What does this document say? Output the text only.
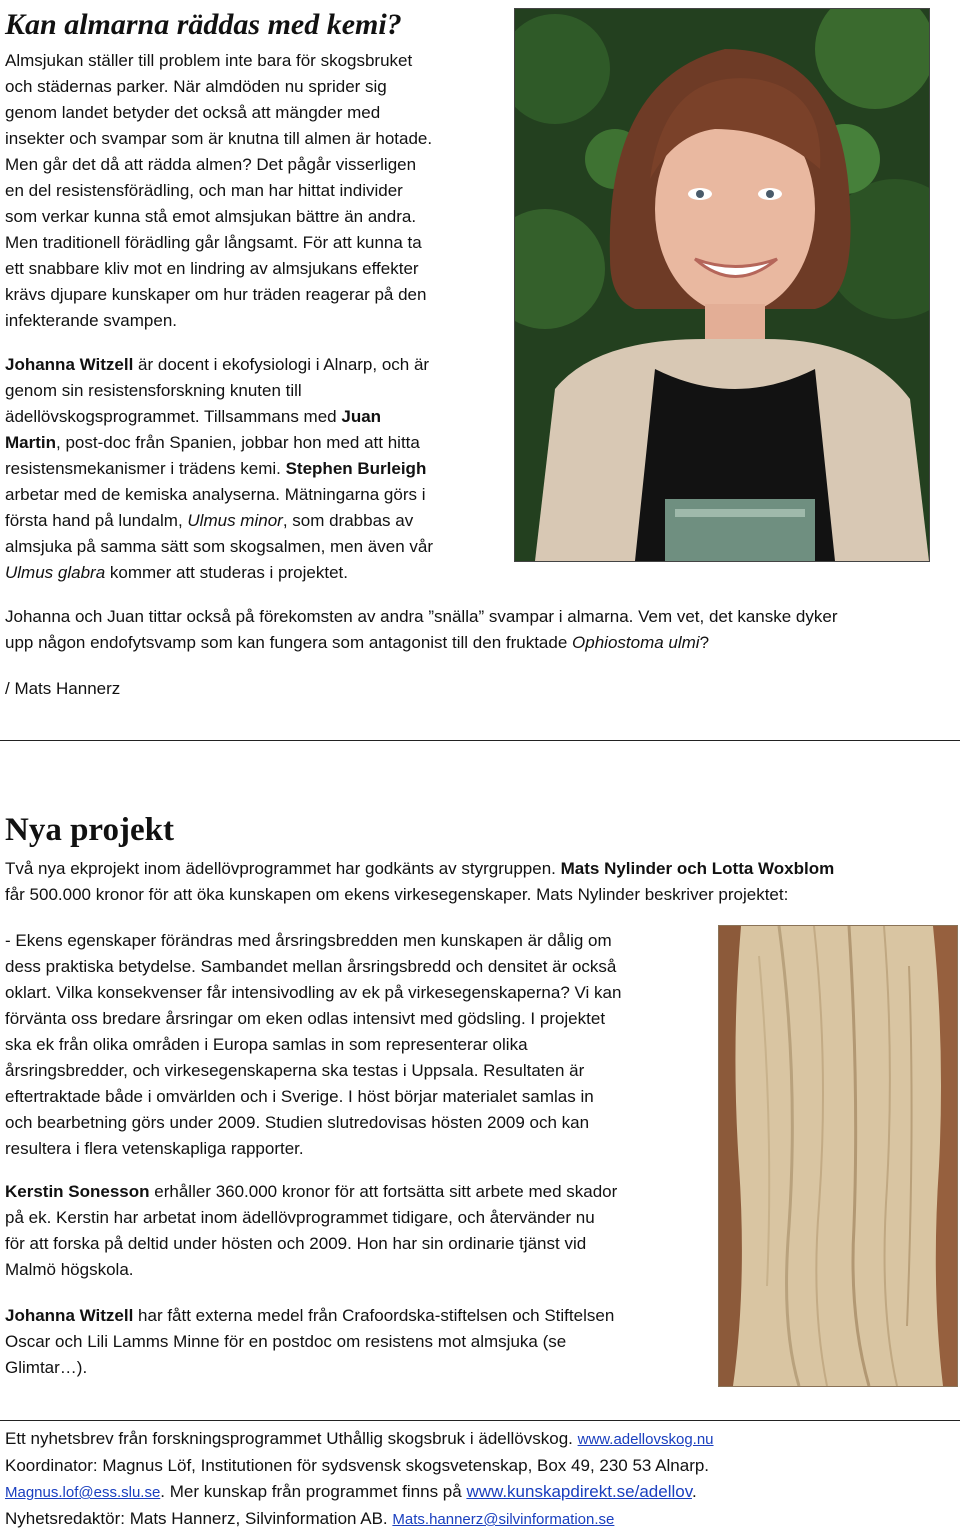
Kan almarna räddas med kemi?
Almsjukan ställer till problem inte bara för skogsbruket
och städernas parker. När almdöden nu sprider sig
genom landet betyder det också att mängder med
insekter och svampar som är knutna till almen är hotade.
Men går det då att rädda almen? Det pågår visserligen
en del resistensförädling, och man har hittat individer
som verkar kunna stå emot almsjukan bättre än andra.
Men traditionell förädling går långsamt. För att kunna ta
ett snabbare kliv mot en lindring av almsjukans effekter
krävs djupare kunskaper om hur träden reagerar på den
infekterande svampen.
Johanna Witzell är docent i ekofysiologi i Alnarp, och är
genom sin resistensforskning knuten till
ädellövskogsprogrammet. Tillsammans med Juan
Martin, post-doc från Spanien, jobbar hon med att hitta
resistensmekanismer i trädens kemi. Stephen Burleigh
arbetar med de kemiska analyserna. Mätningarna görs i
första hand på lundalm, Ulmus minor, som drabbas av
almsjuka på samma sätt som skogsalmen, men även vår
Ulmus glabra kommer att studeras i projektet.
Johanna och Juan tittar också på förekomsten av andra ”snälla” svampar i almarna. Vem vet, det kanske dyker
upp någon endofytsvamp som kan fungera som antagonist till den fruktade Ophiostoma ulmi?
/ Mats Hannerz
Nya projekt
Två nya ekprojekt inom ädellövprogrammet har godkänts av styrgruppen. Mats Nylinder och Lotta Woxblom
får 500.000 kronor för att öka kunskapen om ekens virkesegenskaper. Mats Nylinder beskriver projektet:
- Ekens egenskaper förändras med årsringsbredden men kunskapen är dålig om
dess praktiska betydelse. Sambandet mellan årsringsbredd och densitet är också
oklart. Vilka konsekvenser får intensivodling av ek på virkesegenskaperna? Vi kan
förvänta oss bredare årsringar om eken odlas intensivt med gödsling. I projektet
ska ek från olika områden i Europa samlas in som representerar olika
årsringsbredder, och virkesegenskaperna ska testas i Uppsala. Resultaten är
eftertraktade både i omvärlden och i Sverige. I höst börjar materialet samlas in
och bearbetning görs under 2009. Studien slutredovisas hösten 2009 och kan
resultera i flera vetenskapliga rapporter.
Kerstin Sonesson erhåller 360.000 kronor för att fortsätta sitt arbete med skador
på ek. Kerstin har arbetat inom ädellövprogrammet tidigare, och återvänder nu
för att forska på deltid under hösten och 2009. Hon har sin ordinarie tjänst vid
Malmö högskola.
Johanna Witzell har fått externa medel från Crafoordska-stiftelsen och Stiftelsen
Oscar och Lili Lamms Minne för en postdoc om resistens mot almsjuka (se
Glimtar…).
Ett nyhetsbrev från forskningsprogrammet Uthållig skogsbruk i ädellövskog. www.adellovskog.nu
Koordinator: Magnus Löf, Institutionen för sydsvensk skogsvetenskap, Box 49, 230 53 Alnarp.
Magnus.lof@ess.slu.se. Mer kunskap från programmet finns på www.kunskapdirekt.se/adellov.
Nyhetsredaktör: Mats Hannerz, Silvinformation AB. Mats.hannerz@silvinformation.se
